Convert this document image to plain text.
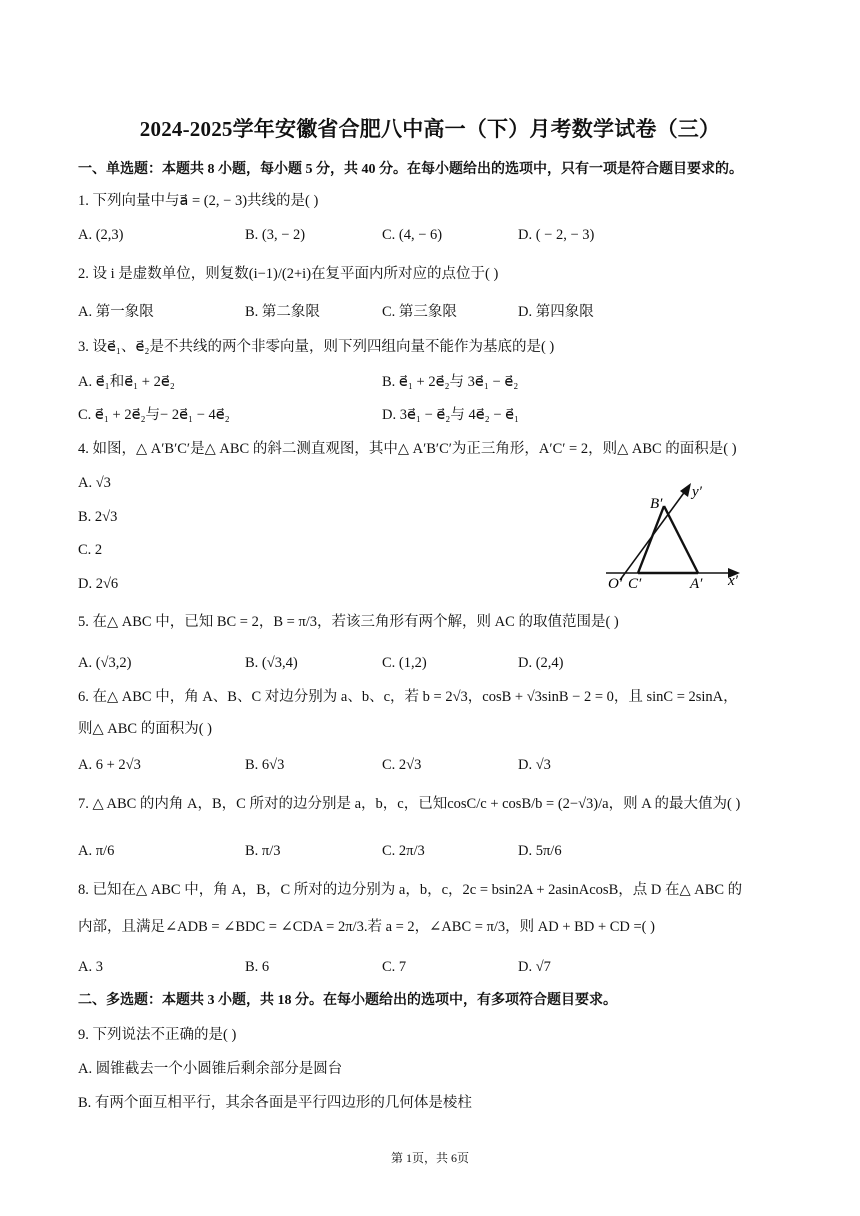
2024-2025学年安徽省合肥八中高一（下）月考数学试卷（三）
一、单选题：本题共 8 小题，每小题 5 分，共 40 分。在每小题给出的选项中，只有一项是符合题目要求的。
1. 下列向量中与a⃗ = (2, − 3)共线的是( )
A. (2,3)	B. (3, − 2)	C. (4, − 6)	D. ( − 2, − 3)
2. 设 i 是虚数单位，则复数(i−1)/(2+i)在复平面内所对应的点位于( )
A. 第一象限	B. 第二象限	C. 第三象限	D. 第四象限
3. 设e⃗₁、e⃗₂是不共线的两个非零向量，则下列四组向量不能作为基底的是( )
A. e⃗₁和e⃗₁ + 2e⃗₂	B. e⃗₁ + 2e⃗₂与 3e⃗₁ − e⃗₂
C. e⃗₁ + 2e⃗₂与− 2e⃗₁ − 4e⃗₂	D. 3e⃗₁ − e⃗₂与 4e⃗₂ − e⃗₁
4. 如图，△ A′B′C′是△ ABC 的斜二测直观图，其中△ A′B′C′为正三角形，A′C′ = 2，则△ ABC 的面积是( )
A. √3
B. 2√3
C. 2
D. 2√6
B′
y′
O′ C′	A′ x′
5. 在△ ABC 中，已知 BC = 2，B = π/3，若该三角形有两个解，则 AC 的取值范围是( )
A. (√3,2)	B. (√3,4)	C. (1,2)	D. (2,4)
6. 在△ ABC 中，角 A、B、C 对边分别为 a、b、c，若 b = 2√3，cosB + √3sinB − 2 = 0，且 sinC = 2sinA，
则△ ABC 的面积为( )
A. 6 + 2√3	B. 6√3	C. 2√3	D. √3
7. △ ABC 的内角 A，B，C 所对的边分别是 a，b，c，已知cosC/c + cosB/b = (2−√3)/a，则 A 的最大值为( )
A. π/6	B. π/3	C. 2π/3	D. 5π/6
8. 已知在△ ABC 中，角 A，B，C 所对的边分别为 a，b，c，2c = bsin2A + 2asinAcosB，点 D 在△ ABC 的
内部，且满足∠ADB = ∠BDC = ∠CDA = 2π/3.若 a = 2，∠ABC = π/3，则 AD + BD + CD =( )
A. 3	B. 6	C. 7	D. √7
二、多选题：本题共 3 小题，共 18 分。在每小题给出的选项中，有多项符合题目要求。
9. 下列说法不正确的是( )
A. 圆锥截去一个小圆锥后剩余部分是圆台
B. 有两个面互相平行，其余各面是平行四边形的几何体是棱柱
第 1页，共 6页
